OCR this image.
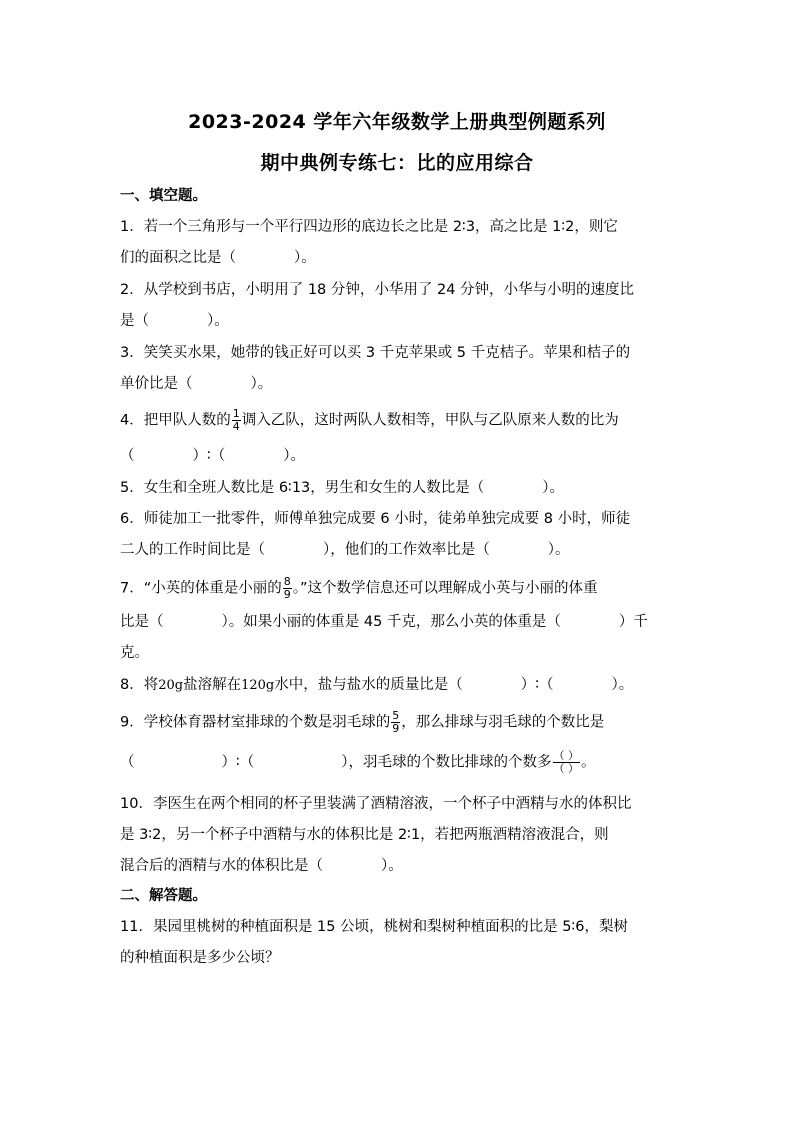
2023-2024 学年六年级数学上册典型例题系列
期中典例专练七：比的应用综合
一、填空题。
1．若一个三角形与一个平行四边形的底边长之比是 2∶3，高之比是 1∶2，则它
们的面积之比是（　　　　）。
2．从学校到书店，小明用了 18 分钟，小华用了 24 分钟，小华与小明的速度比
是（　　　　）。
3．笑笑买水果，她带的钱正好可以买 3 千克苹果或 5 千克桔子。苹果和桔子的
单价比是（　　　　）。
4．把甲队人数的 $\frac{1}{4}$ 调入乙队，这时两队人数相等，甲队与乙队原来人数的比为
（　　　　）∶（　　　　）。
5．女生和全班人数比是 6∶13，男生和女生的人数比是（　　　　）。
6．师徒加工一批零件，师傅单独完成要 6 小时，徒弟单独完成要 8 小时，师徒
二人的工作时间比是（　　　　），他们的工作效率比是（　　　　）。
7．“小英的体重是小丽的 $\frac{8}{9}$ 。”这个数学信息还可以理解成小英与小丽的体重
比是（　　　　）。如果小丽的体重是 45 千克，那么小英的体重是（　　　　）千
克。
8．将20g盐溶解在120g水中，盐与盐水的质量比是（　　　　）∶（　　　　）。
9．学校体育器材室排球的个数是羽毛球的 $\frac{5}{9}$ ，那么排球与羽毛球的个数比是
（　　　　　　）∶（　　　　　　），羽毛球的个数比排球的个数多 $\frac{( )}{( )}$ 。
10．李医生在两个相同的杯子里装满了酒精溶液，一个杯子中酒精与水的体积比
是 3∶2，另一个杯子中酒精与水的体积比是 2∶1，若把两瓶酒精溶液混合，则
混合后的酒精与水的体积比是（　　　　）。
二、解答题。
11．果园里桃树的种植面积是 15 公顷，桃树和梨树种植面积的比是 5∶6，梨树
的种植面积是多少公顷？
